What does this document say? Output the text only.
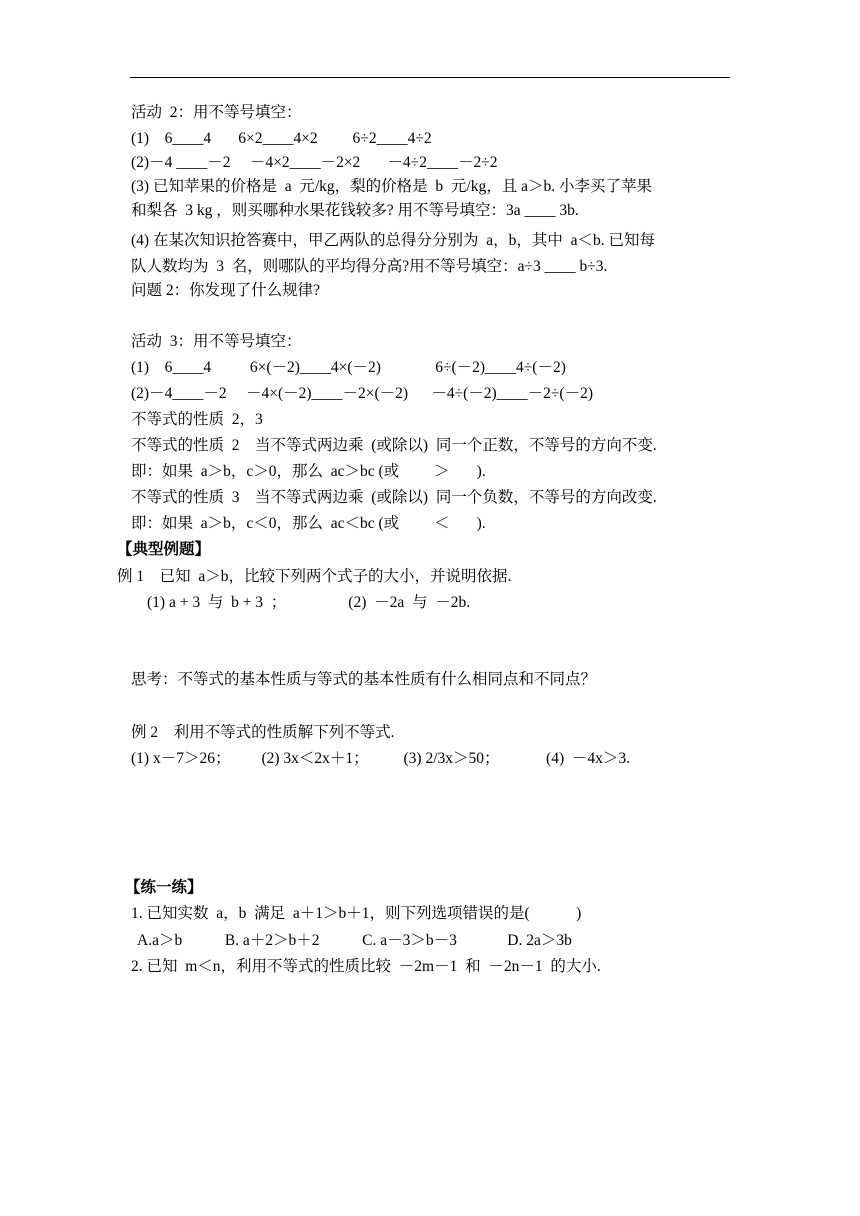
活动  2：用不等号填空：
(1)    6____4       6×2____4×2         6÷2____4÷2
(2)－4 ____－2     －4×2____－2×2       －4÷2____－2÷2
(3) 已知苹果的价格是  a  元/kg，梨的价格是  b  元/kg，且 a＞b. 小李买了苹果
和梨各  3 kg ，则买哪种水果花钱较多? 用不等号填空：3a ____ 3b.
(4) 在某次知识抢答赛中，甲乙两队的总得分分别为  a，b，其中  a＜b. 已知每
队人数均为  3  名，则哪队的平均得分高?用不等号填空：a÷3 ____ b÷3.
问题 2：你发现了什么规律?
活动  3：用不等号填空：
(1)    6____4          6×(－2)____4×(－2)              6÷(－2)____4÷(－2)
(2)－4____－2     －4×(－2)____－2×(－2)      －4÷(－2)____－2÷(－2)
不等式的性质  2，3
不等式的性质  2    当不等式两边乘  (或除以)  同一个正数，不等号的方向不变.
即：如果  a＞b，c＞0，那么  ac＞bc (或         ＞       ).
不等式的性质  3    当不等式两边乘  (或除以)  同一个负数，不等号的方向改变.
即：如果  a＞b，c＜0，那么  ac＜bc (或         ＜       ).
【典型例题】
例 1    已知  a＞b，比较下列两个式子的大小，并说明依据.
(1) a + 3  与  b + 3  ；                (2)  －2a  与  －2b.
思考：不等式的基本性质与等式的基本性质有什么相同点和不同点？
例 2    利用不等式的性质解下列不等式.
(1) x－7＞26；        (2) 3x＜2x＋1；         (3) 2/3x＞50；            (4)  －4x＞3.
【练一练】
1. 已知实数  a，b  满足  a＋1＞b＋1，则下列选项错误的是(            )
A.a＞b           B. a＋2＞b＋2           C. a－3＞b－3             D. 2a＞3b
2. 已知  m＜n，利用不等式的性质比较  －2m－1  和  －2n－1  的大小.
